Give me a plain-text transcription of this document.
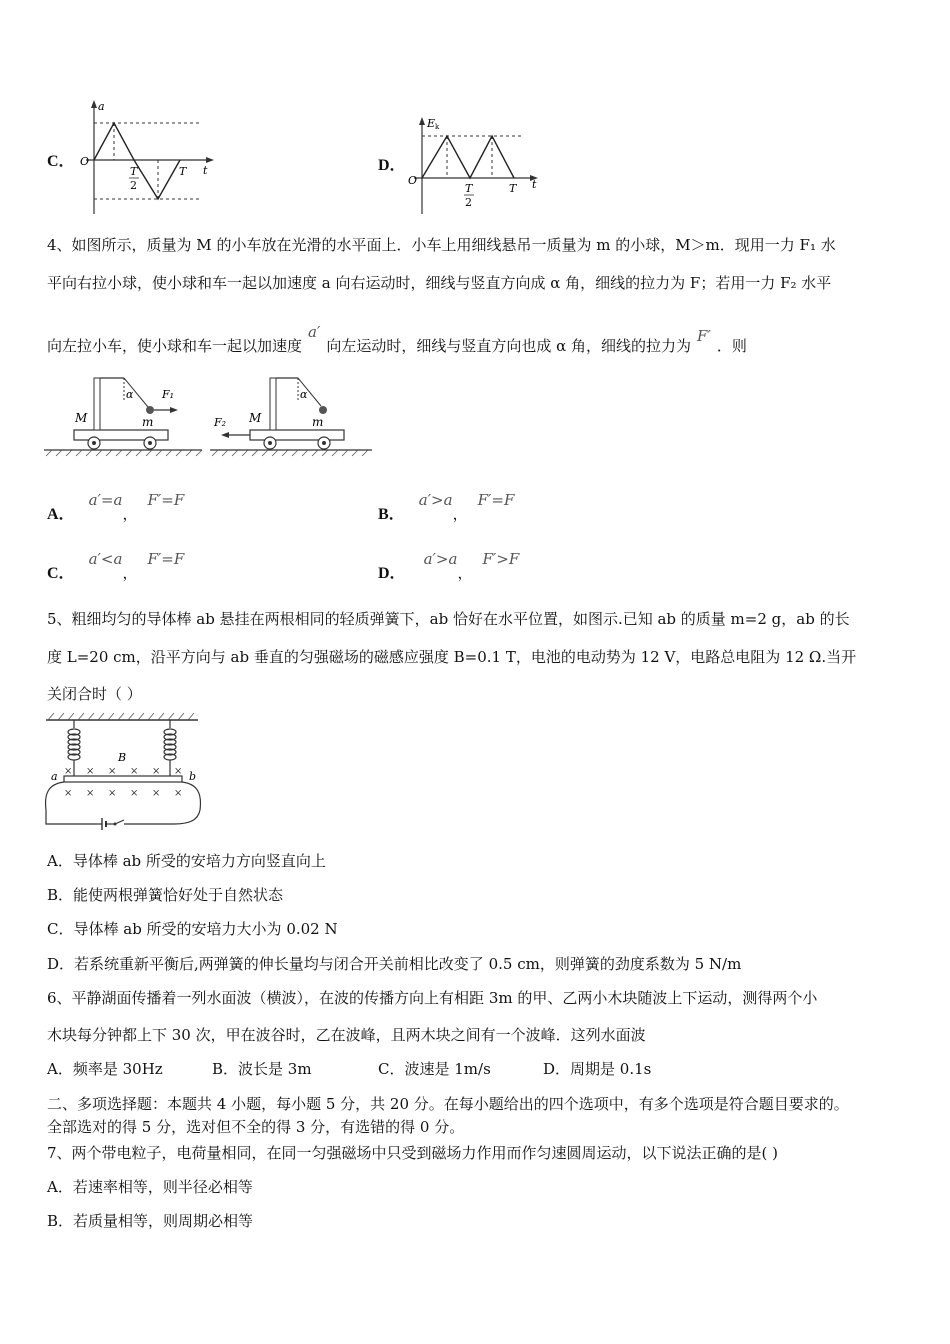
C．
a
O
t
T
2
T	D．
E k
O	t
T
2
T
4、如图所示，质量为 M 的小车放在光滑的水平面上．小车上用细线悬吊一质量为 m 的小球，M＞m．现用一力 F₁ 水
平向右拉小球，使小球和车一起以加速度 a 向右运动时，细线与竖直方向成 α 角，细线的拉力为 F；若用一力 F₂ 水平
向左拉小车，使小球和车一起以加速度a′向左运动时，细线与竖直方向也成 α 角，细线的拉力为F′．则
M	m
α	F₁
M	m
α
F₂
A．a′=a，F′=F
B．a′>a，F′=F
C．a′<a，F′=F
D．a′>a，F′>F
5、粗细均匀的导体棒 ab 悬挂在两根相同的轻质弹簧下，ab 恰好在水平位置，如图示.已知 ab 的质量 m=2 g，ab 的长
度 L=20 cm，沿平方向与 ab 垂直的匀强磁场的磁感应强度 B=0.1 T，电池的电动势为 12 V，电路总电阻为 12 Ω.当开
关闭合时（ ）
B
a	b
× × × × × ×
× × × × × ×
A．导体棒 ab 所受的安培力方向竖直向上
B．能使两根弹簧恰好处于自然状态
C．导体棒 ab 所受的安培力大小为 0.02 N
D．若系统重新平衡后,两弹簧的伸长量均与闭合开关前相比改变了 0.5 cm，则弹簧的劲度系数为 5 N/m
6、平静湖面传播着一列水面波（横波），在波的传播方向上有相距 3m 的甲、乙两小木块随波上下运动，测得两个小
木块每分钟都上下 30 次，甲在波谷时，乙在波峰，且两木块之间有一个波峰．这列水面波
A．频率是 30Hz	B．波长是 3m	C．波速是 1m/s	D．周期是 0.1s
二、多项选择题：本题共 4 小题，每小题 5 分，共 20 分。在每小题给出的四个选项中，有多个选项是符合题目要求的。
全部选对的得 5 分，选对但不全的得 3 分，有选错的得 0 分。
7、两个带电粒子，电荷量相同，在同一匀强磁场中只受到磁场力作用而作匀速圆周运动，以下说法正确的是( )
A．若速率相等，则半径必相等
B．若质量相等，则周期必相等
